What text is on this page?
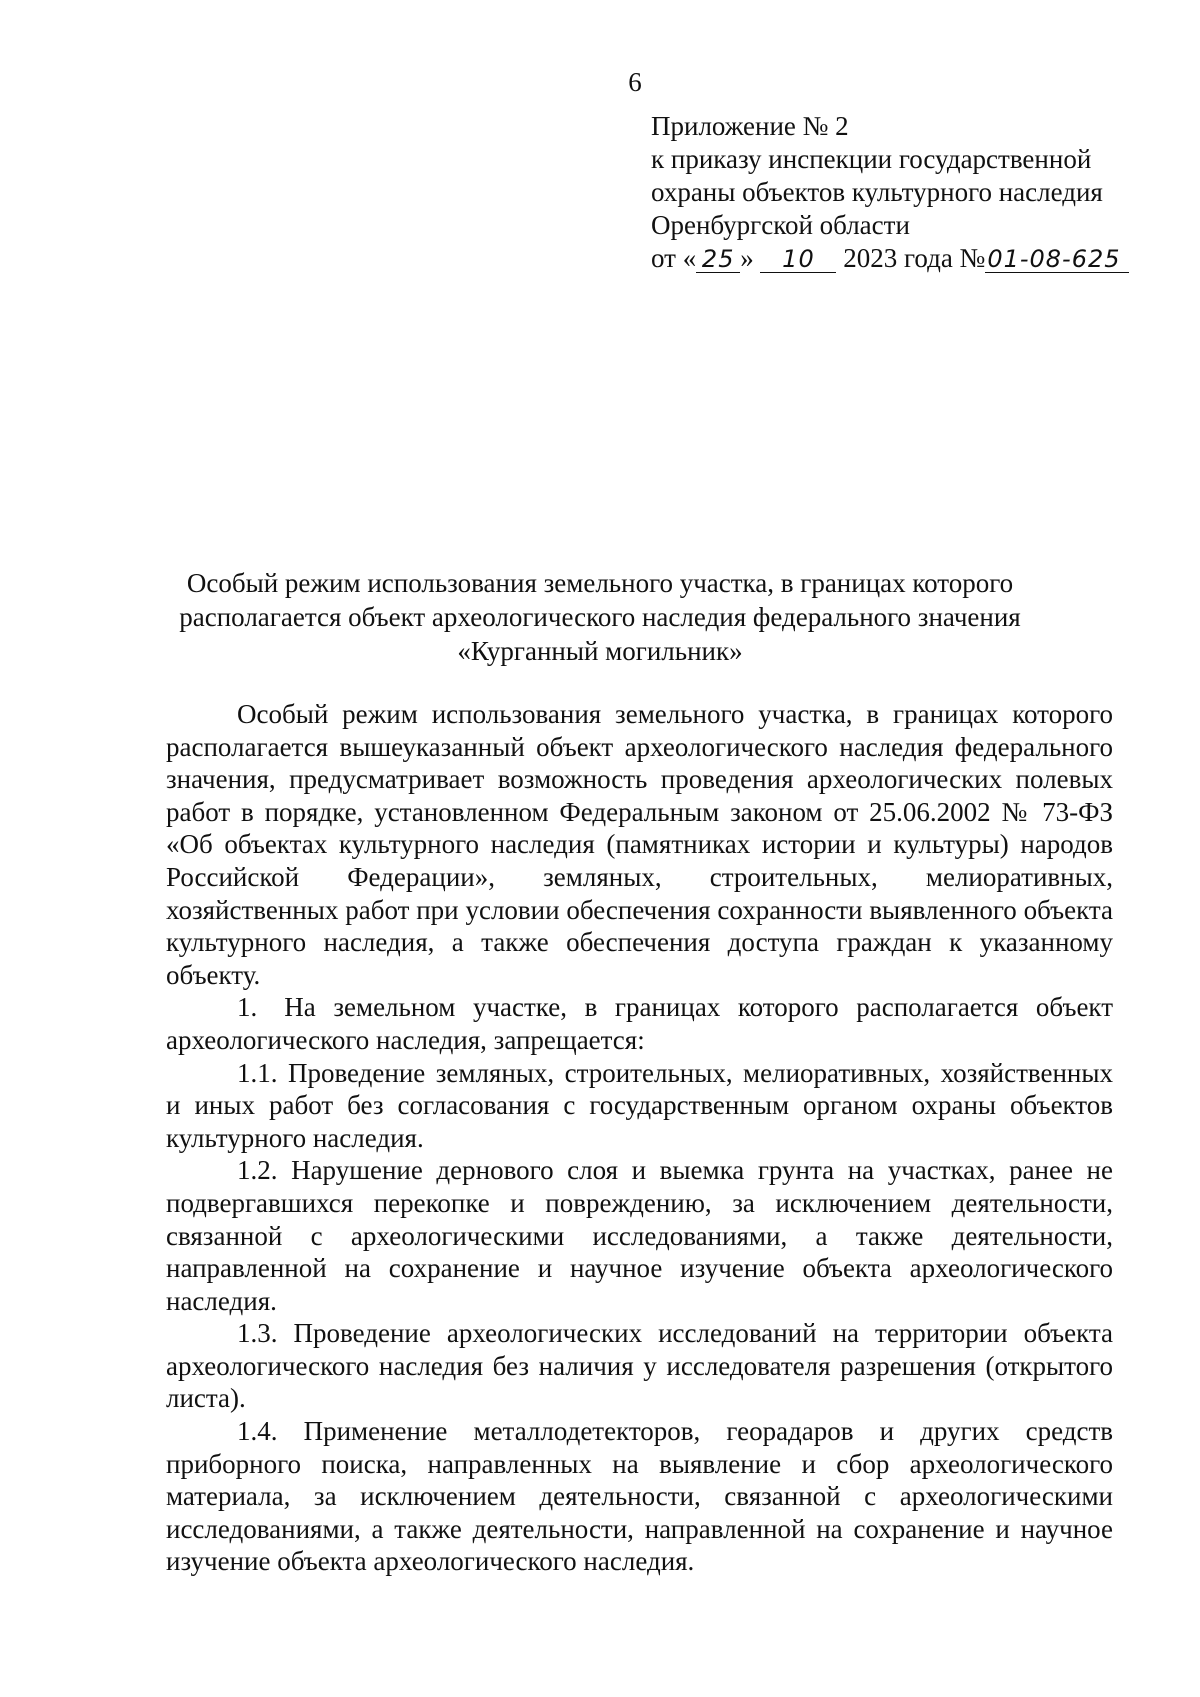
6
Приложение № 2
к приказу инспекции государственной
охраны объектов культурного наследия
Оренбургской области
от « 25 » 10 2023 года №01-08-625
Особый режим использования земельного участка, в границах которого
располагается объект археологического наследия федерального значения
«Курганный могильник»

Особый режим использования земельного участка, в границах которого располагается вышеуказанный объект археологического наследия федерального значения, предусматривает возможность проведения археологических полевых работ в порядке, установленном Федеральным законом от 25.06.2002 № 73-ФЗ «Об объектах культурного наследия (памятниках истории и культуры) народов Российской Федерации», земляных, строительных, мелиоративных, хозяйственных работ при условии обеспечения сохранности выявленного объекта культурного наследия, а также обеспечения доступа граждан к указанному объекту.

1. На земельном участке, в границах которого располагается объект археологического наследия, запрещается:

1.1. Проведение земляных, строительных, мелиоративных, хозяйственных и иных работ без согласования с государственным органом охраны объектов культурного наследия.

1.2. Нарушение дернового слоя и выемка грунта на участках, ранее не подвергавшихся перекопке и повреждению, за исключением деятельности, связанной с археологическими исследованиями, а также деятельности, направленной на сохранение и научное изучение объекта археологического наследия.

1.3. Проведение археологических исследований на территории объекта археологического наследия без наличия у исследователя разрешения (открытого листа).

1.4. Применение металлодетекторов, георадаров и других средств приборного поиска, направленных на выявление и сбор археологического материала, за исключением деятельности, связанной с археологическими исследованиями, а также деятельности, направленной на сохранение и научное изучение объекта археологического наследия.
